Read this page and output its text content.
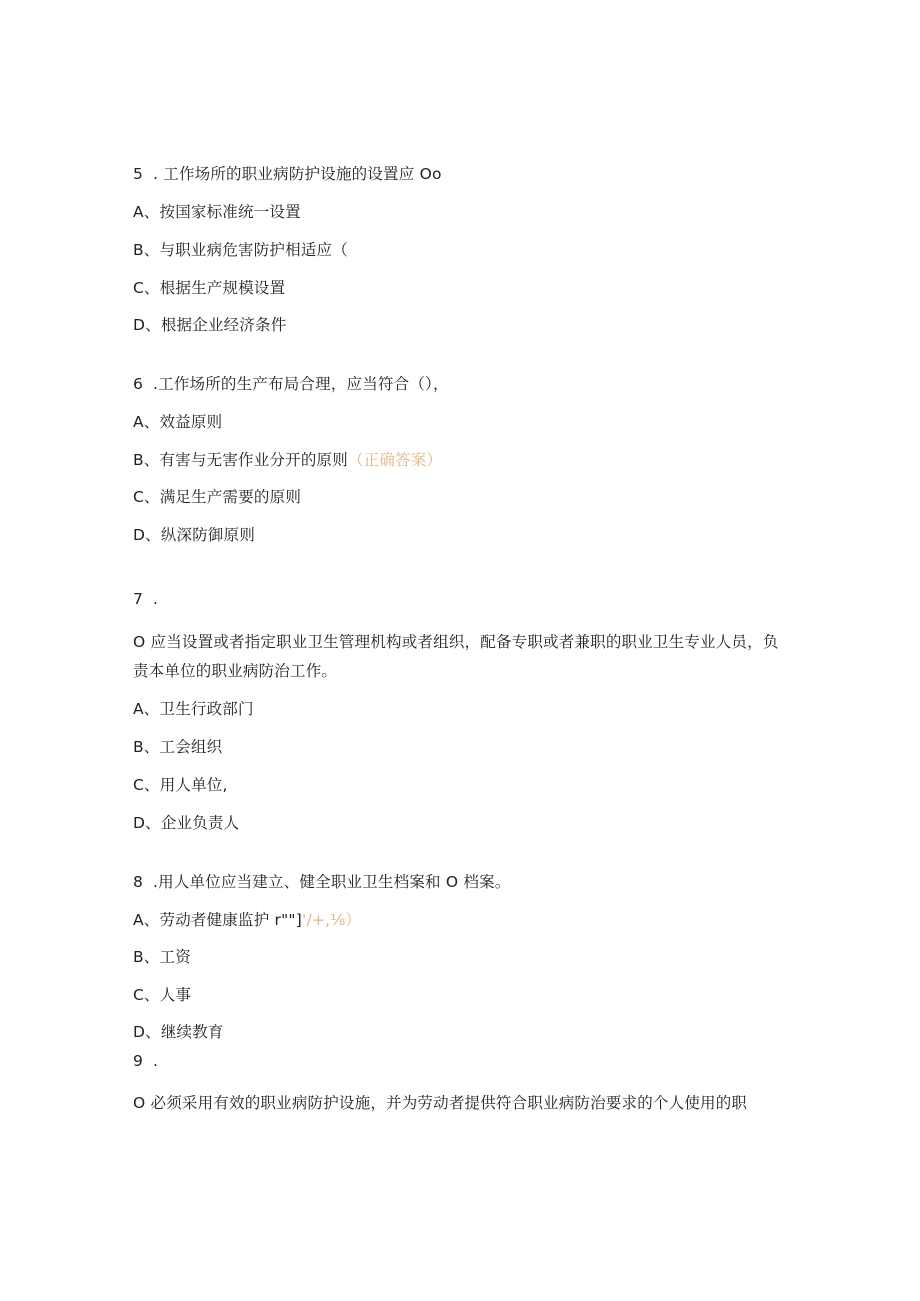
5 . 工作场所的职业病防护设施的设置应 Oo
A、按国家标准统一设置
B、与职业病危害防护相适应（
C、根据生产规模设置
D、根据企业经济条件
6 .工作场所的生产布局合理，应当符合（），
A、效益原则
B、有害与无害作业分开的原则（正确答案）
C、满足生产需要的原则
D、纵深防御原则
7 .
O 应当设置或者指定职业卫生管理机构或者组织，配备专职或者兼职的职业卫生专业人员，负责本单位的职业病防治工作。
A、卫生行政部门
B、工会组织
C、用人单位,
D、企业负责人
8 .用人单位应当建立、健全职业卫生档案和 O 档案。
A、劳动者健康监护 r""]'/+,⅛）
B、工资
C、人事
D、继续教育
9 .
O 必须采用有效的职业病防护设施，并为劳动者提供符合职业病防治要求的个人使用的职
